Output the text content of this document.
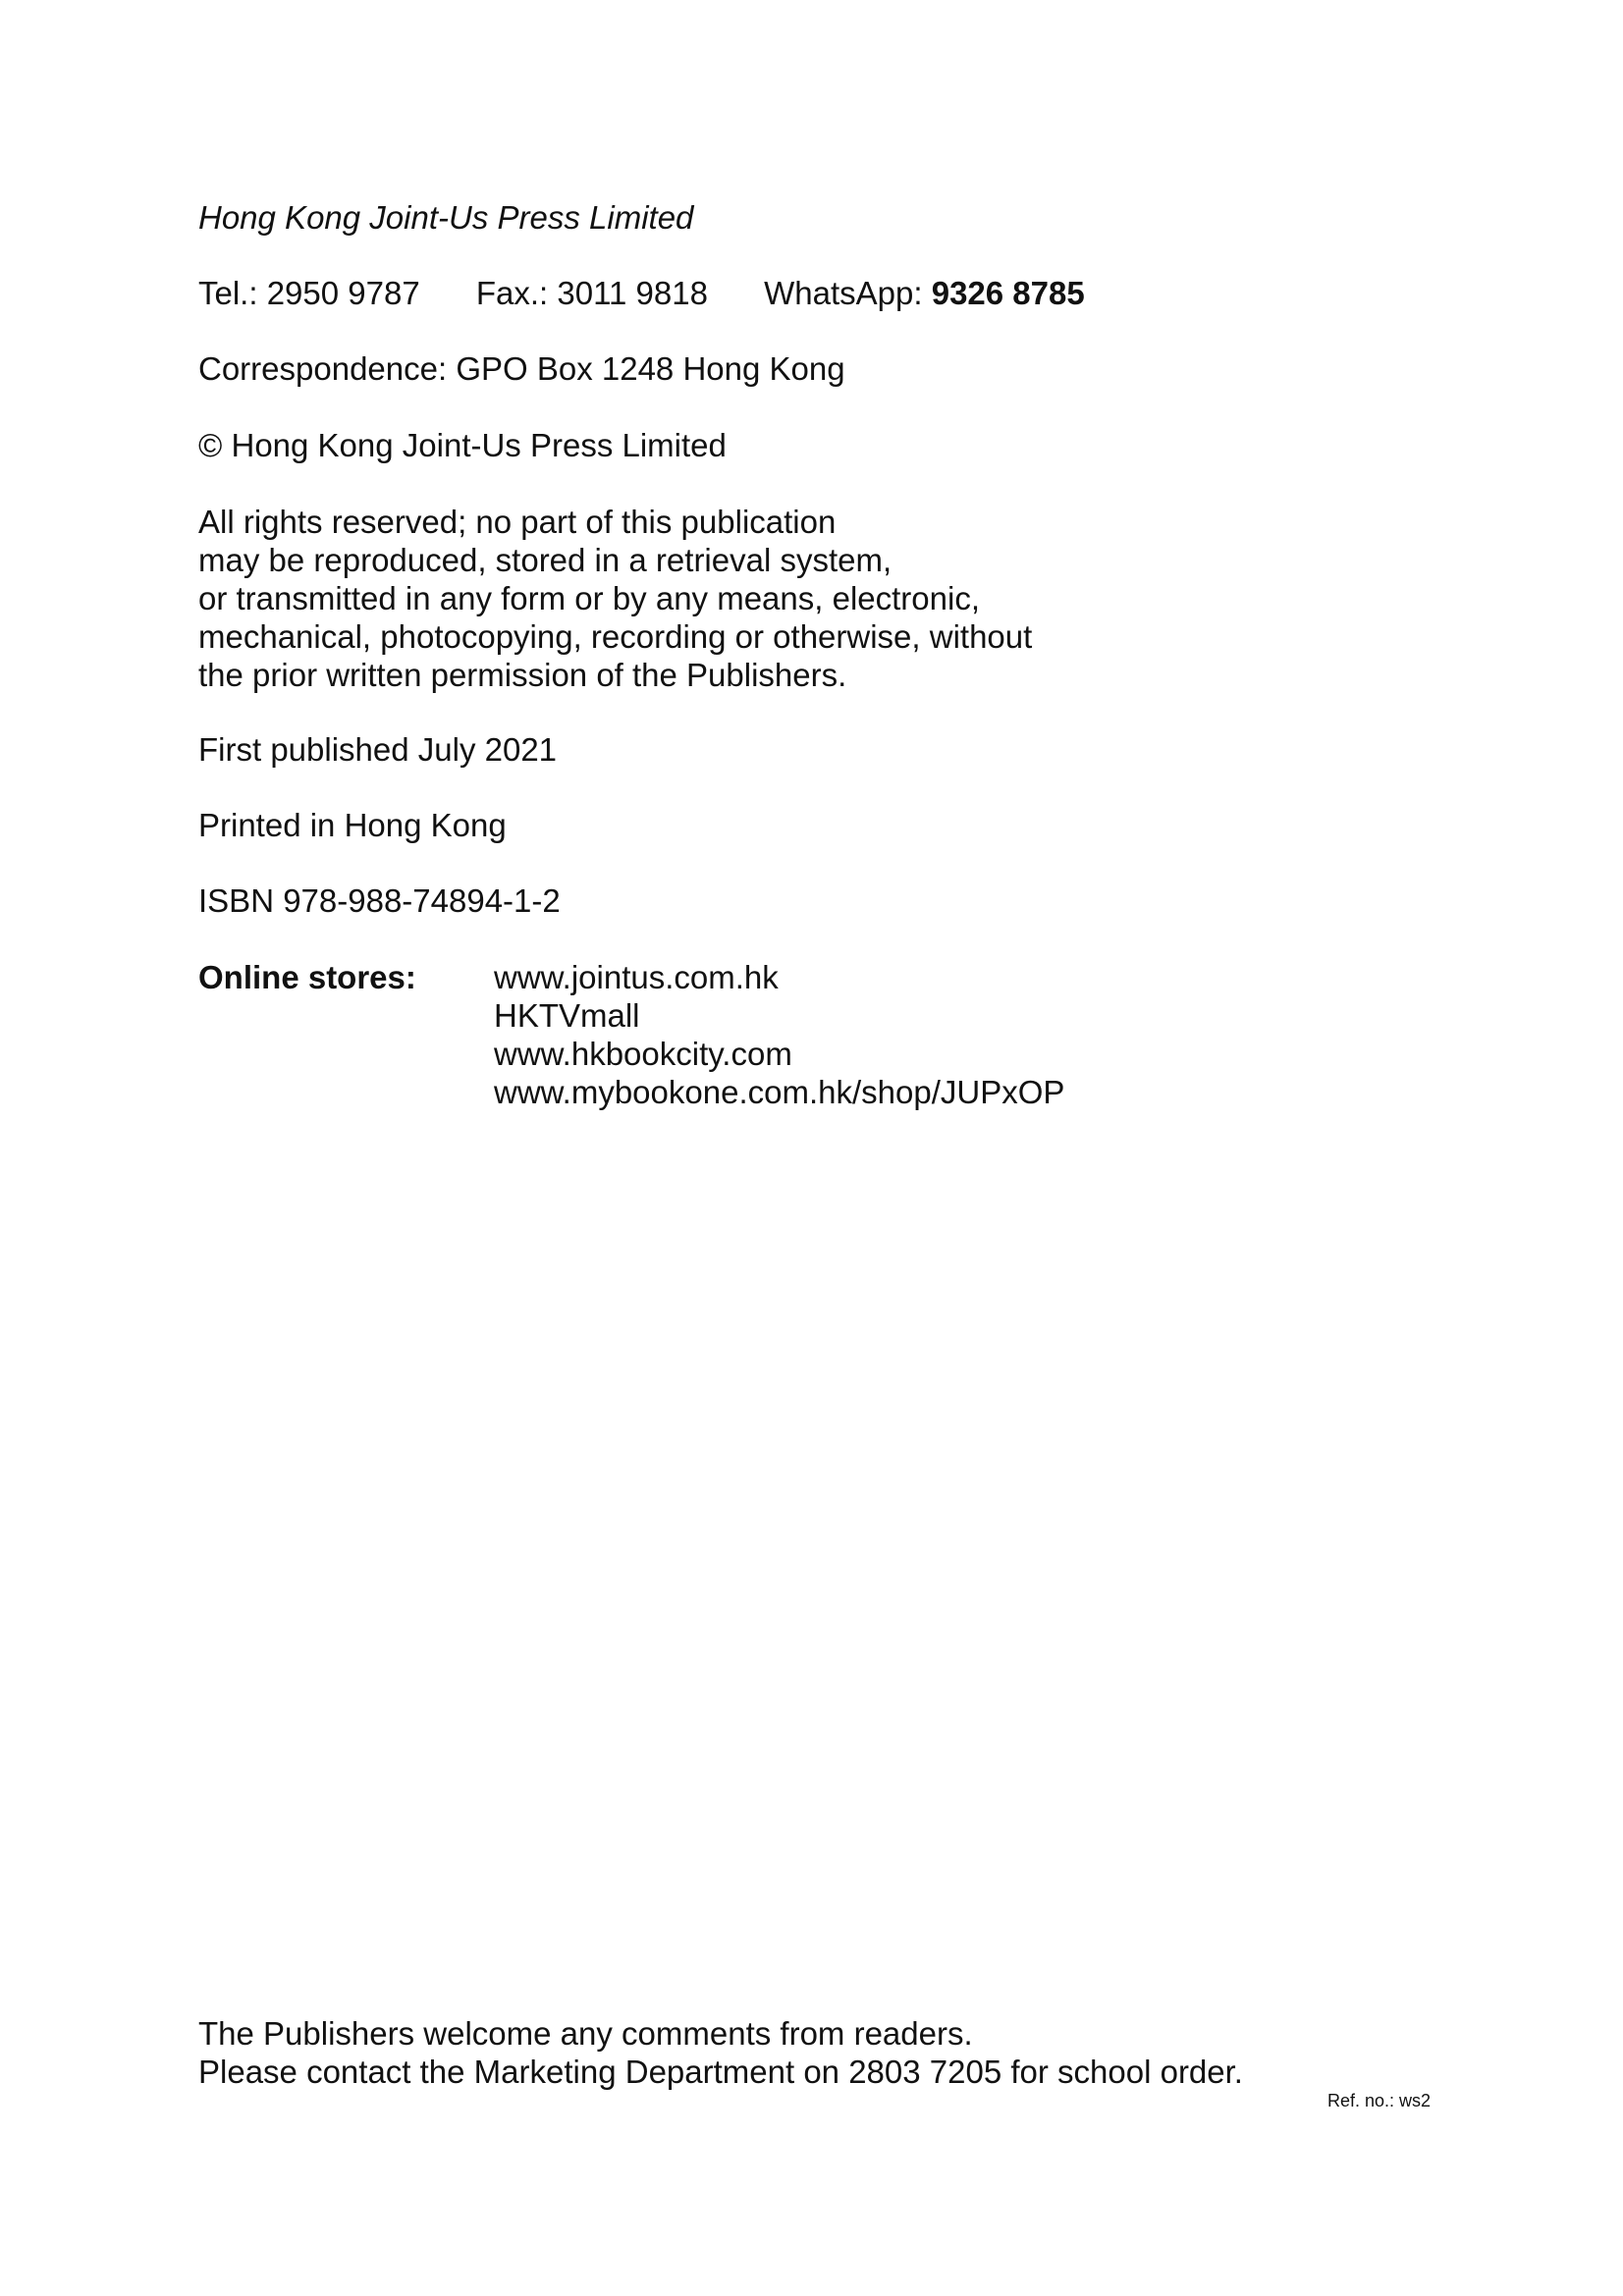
Hong Kong Joint-Us Press Limited
Tel.: 2950 9787 Fax.: 3011 9818 WhatsApp: 9326 8785
Correspondence: GPO Box 1248 Hong Kong
© Hong Kong Joint-Us Press Limited
All rights reserved; no part of this publication
may be reproduced, stored in a retrieval system,
or transmitted in any form or by any means, electronic,
mechanical, photocopying, recording or otherwise, without
the prior written permission of the Publishers.
First published July 2021
Printed in Hong Kong
ISBN 978-988-74894-1-2
Online stores: www.jointus.com.hk
HKTVmall
www.hkbookcity.com
www.mybookone.com.hk/shop/JUPxOP
The Publishers welcome any comments from readers.
Please contact the Marketing Department on 2803 7205 for school order.
Ref. no.: ws2
